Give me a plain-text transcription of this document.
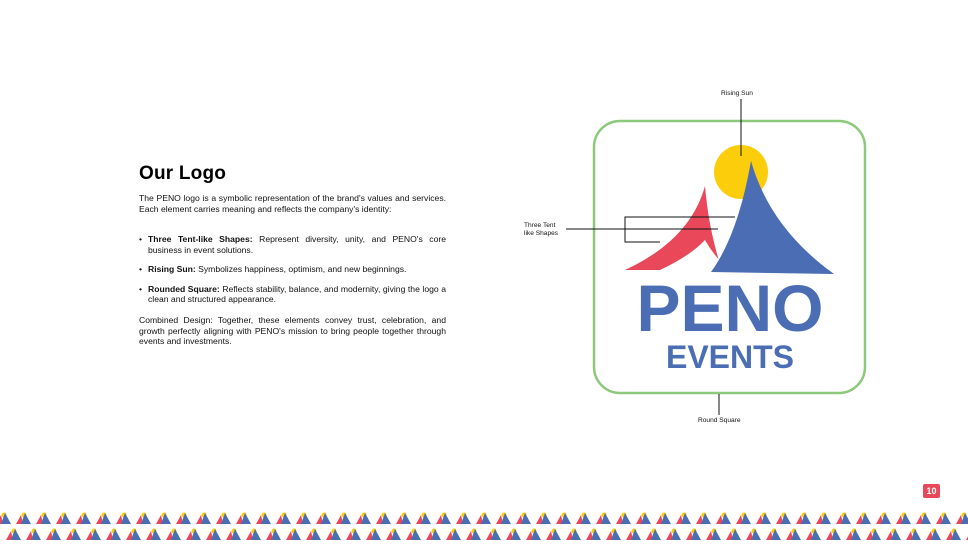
Our Logo
The PENO logo is a symbolic representation of the brand's values and services. Each element carries meaning and reflects the company's identity:
• Three Tent-like Shapes: Represent diversity, unity, and PENO's core business in event solutions.
• Rising Sun: Symbolizes happiness, optimism, and new beginnings.
• Rounded Square: Reflects stability, balance, and modernity, giving the logo a clean and structured appearance.
Combined Design: Together, these elements convey trust, celebration, and growth perfectly aligning with PENO's mission to bring people together through events and investments.	PENO
EVENTS
Rising Sun
Three Tent
like Shapes
Round Square
10
